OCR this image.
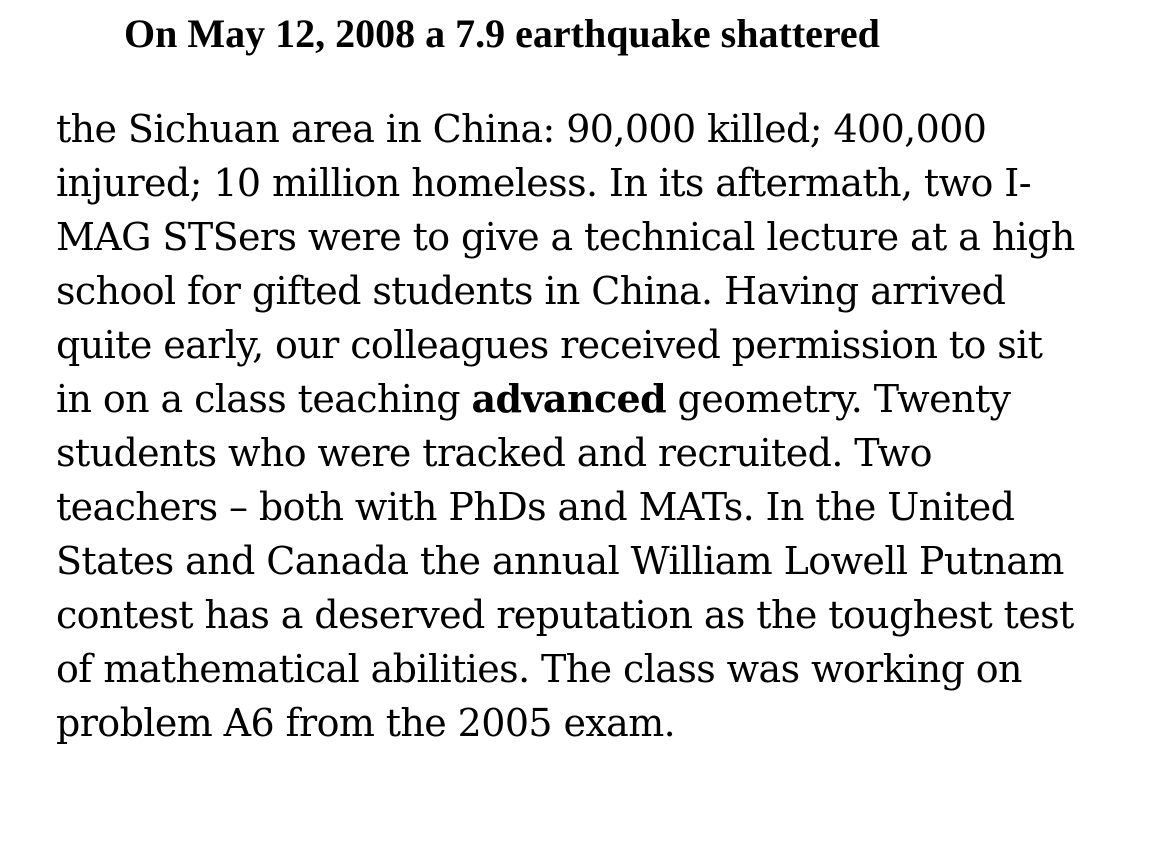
On May 12, 2008 a 7.9 earthquake shattered

the Sichuan area in China: 90,000 killed; 400,000
injured; 10 million homeless. In its aftermath, two I-
MAG STSers were to give a technical lecture at a high
school for gifted students in China. Having arrived
quite early, our colleagues received permission to sit
in on a class teaching advanced geometry. Twenty
students who were tracked and recruited. Two
teachers – both with PhDs and MATs. In the United
States and Canada the annual William Lowell Putnam
contest has a deserved reputation as the toughest test
of mathematical abilities. The class was working on
problem A6 from the 2005 exam.
